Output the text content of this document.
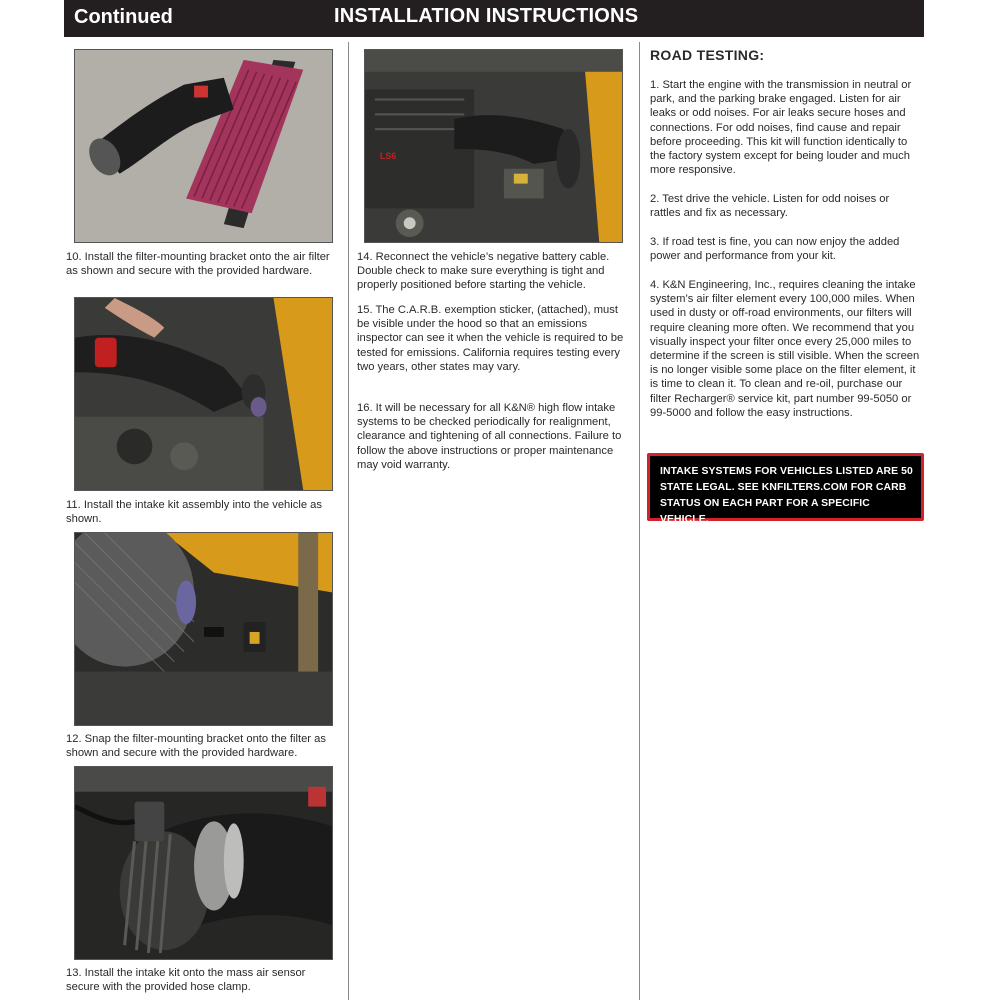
Continued	INSTALLATION INSTRUCTIONS
10. Install the filter-mounting bracket onto the air filter as shown and secure with the provided hardware.
11. Install the intake kit assembly into the vehicle as shown.
12. Snap the filter-mounting bracket onto the filter as shown and secure with the provided hardware.
13. Install the intake kit onto the mass air sensor secure with the provided hose clamp.
LS6
14. Reconnect the vehicle’s negative battery cable. Double check to make sure everything is tight and properly positioned before starting the vehicle.
15. The C.A.R.B. exemption sticker, (attached), must be visible under the hood so that an emissions inspector can see it when the vehicle is required to be tested for emissions. California requires testing every two years, other states may vary.
16. It will be necessary for all K&N® high flow intake systems to be checked periodically for realignment, clearance and tightening of all connections. Failure to follow the above instructions or proper maintenance may void warranty.
ROAD TESTING:
1. Start the engine with the transmission in neutral or park, and the parking brake engaged. Listen for air leaks or odd noises. For air leaks secure hoses and connections. For odd noises, find cause and repair before proceeding. This kit will function identically to the factory system except for being louder and much more responsive.
2. Test drive the vehicle. Listen for odd noises or rattles and fix as necessary.
3. If road test is fine, you can now enjoy the added power and performance from your kit.
4. K&N Engineering, Inc., requires cleaning the intake system’s air filter element every 100,000 miles. When used in dusty or off-road environments, our filters will require cleaning more often. We recommend that you visually inspect your filter once every 25,000 miles to determine if the screen is still visible. When the screen is no longer visible some place on the filter element, it is time to clean it. To clean and re-oil, purchase our filter Recharger® service kit, part number 99-5050 or 99-5000 and follow the easy instructions.
INTAKE SYSTEMS FOR VEHICLES LISTED ARE 50 STATE LEGAL. SEE KNFILTERS.COM FOR CARB STATUS ON EACH PART FOR A SPECIFIC VEHICLE.
